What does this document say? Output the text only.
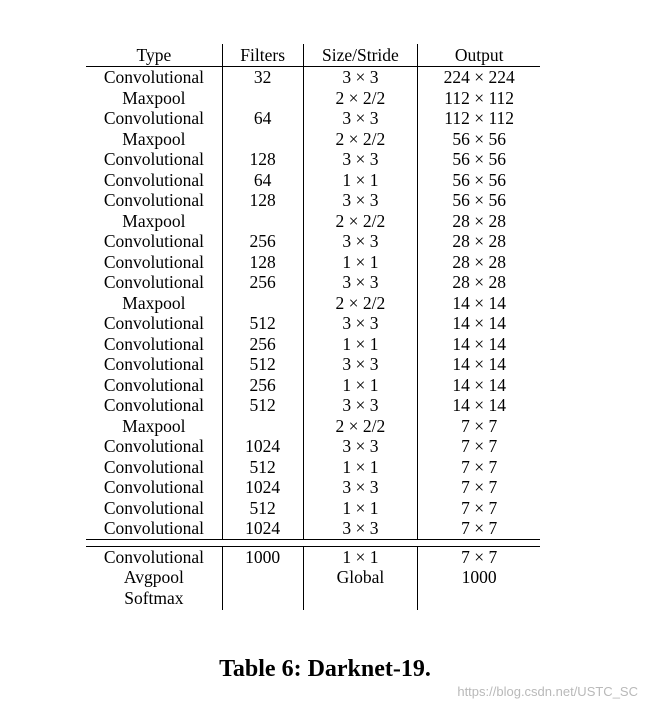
Type	Filters	Size/Stride	Output
Convolutional	32	3 × 3	224 × 224
Maxpool		2 × 2/2	112 × 112
Convolutional	64	3 × 3	112 × 112
Maxpool		2 × 2/2	56 × 56
Convolutional	128	3 × 3	56 × 56
Convolutional	64	1 × 1	56 × 56
Convolutional	128	3 × 3	56 × 56
Maxpool		2 × 2/2	28 × 28
Convolutional	256	3 × 3	28 × 28
Convolutional	128	1 × 1	28 × 28
Convolutional	256	3 × 3	28 × 28
Maxpool		2 × 2/2	14 × 14
Convolutional	512	3 × 3	14 × 14
Convolutional	256	1 × 1	14 × 14
Convolutional	512	3 × 3	14 × 14
Convolutional	256	1 × 1	14 × 14
Convolutional	512	3 × 3	14 × 14
Maxpool		2 × 2/2	7 × 7
Convolutional	1024	3 × 3	7 × 7
Convolutional	512	1 × 1	7 × 7
Convolutional	1024	3 × 3	7 × 7
Convolutional	512	1 × 1	7 × 7
Convolutional	1024	3 × 3	7 × 7

Convolutional	1000	1 × 1	7 × 7
Avgpool		Global	1000
Softmax			
Table 6: Darknet-19.
https://blog.csdn.net/USTC_SC
